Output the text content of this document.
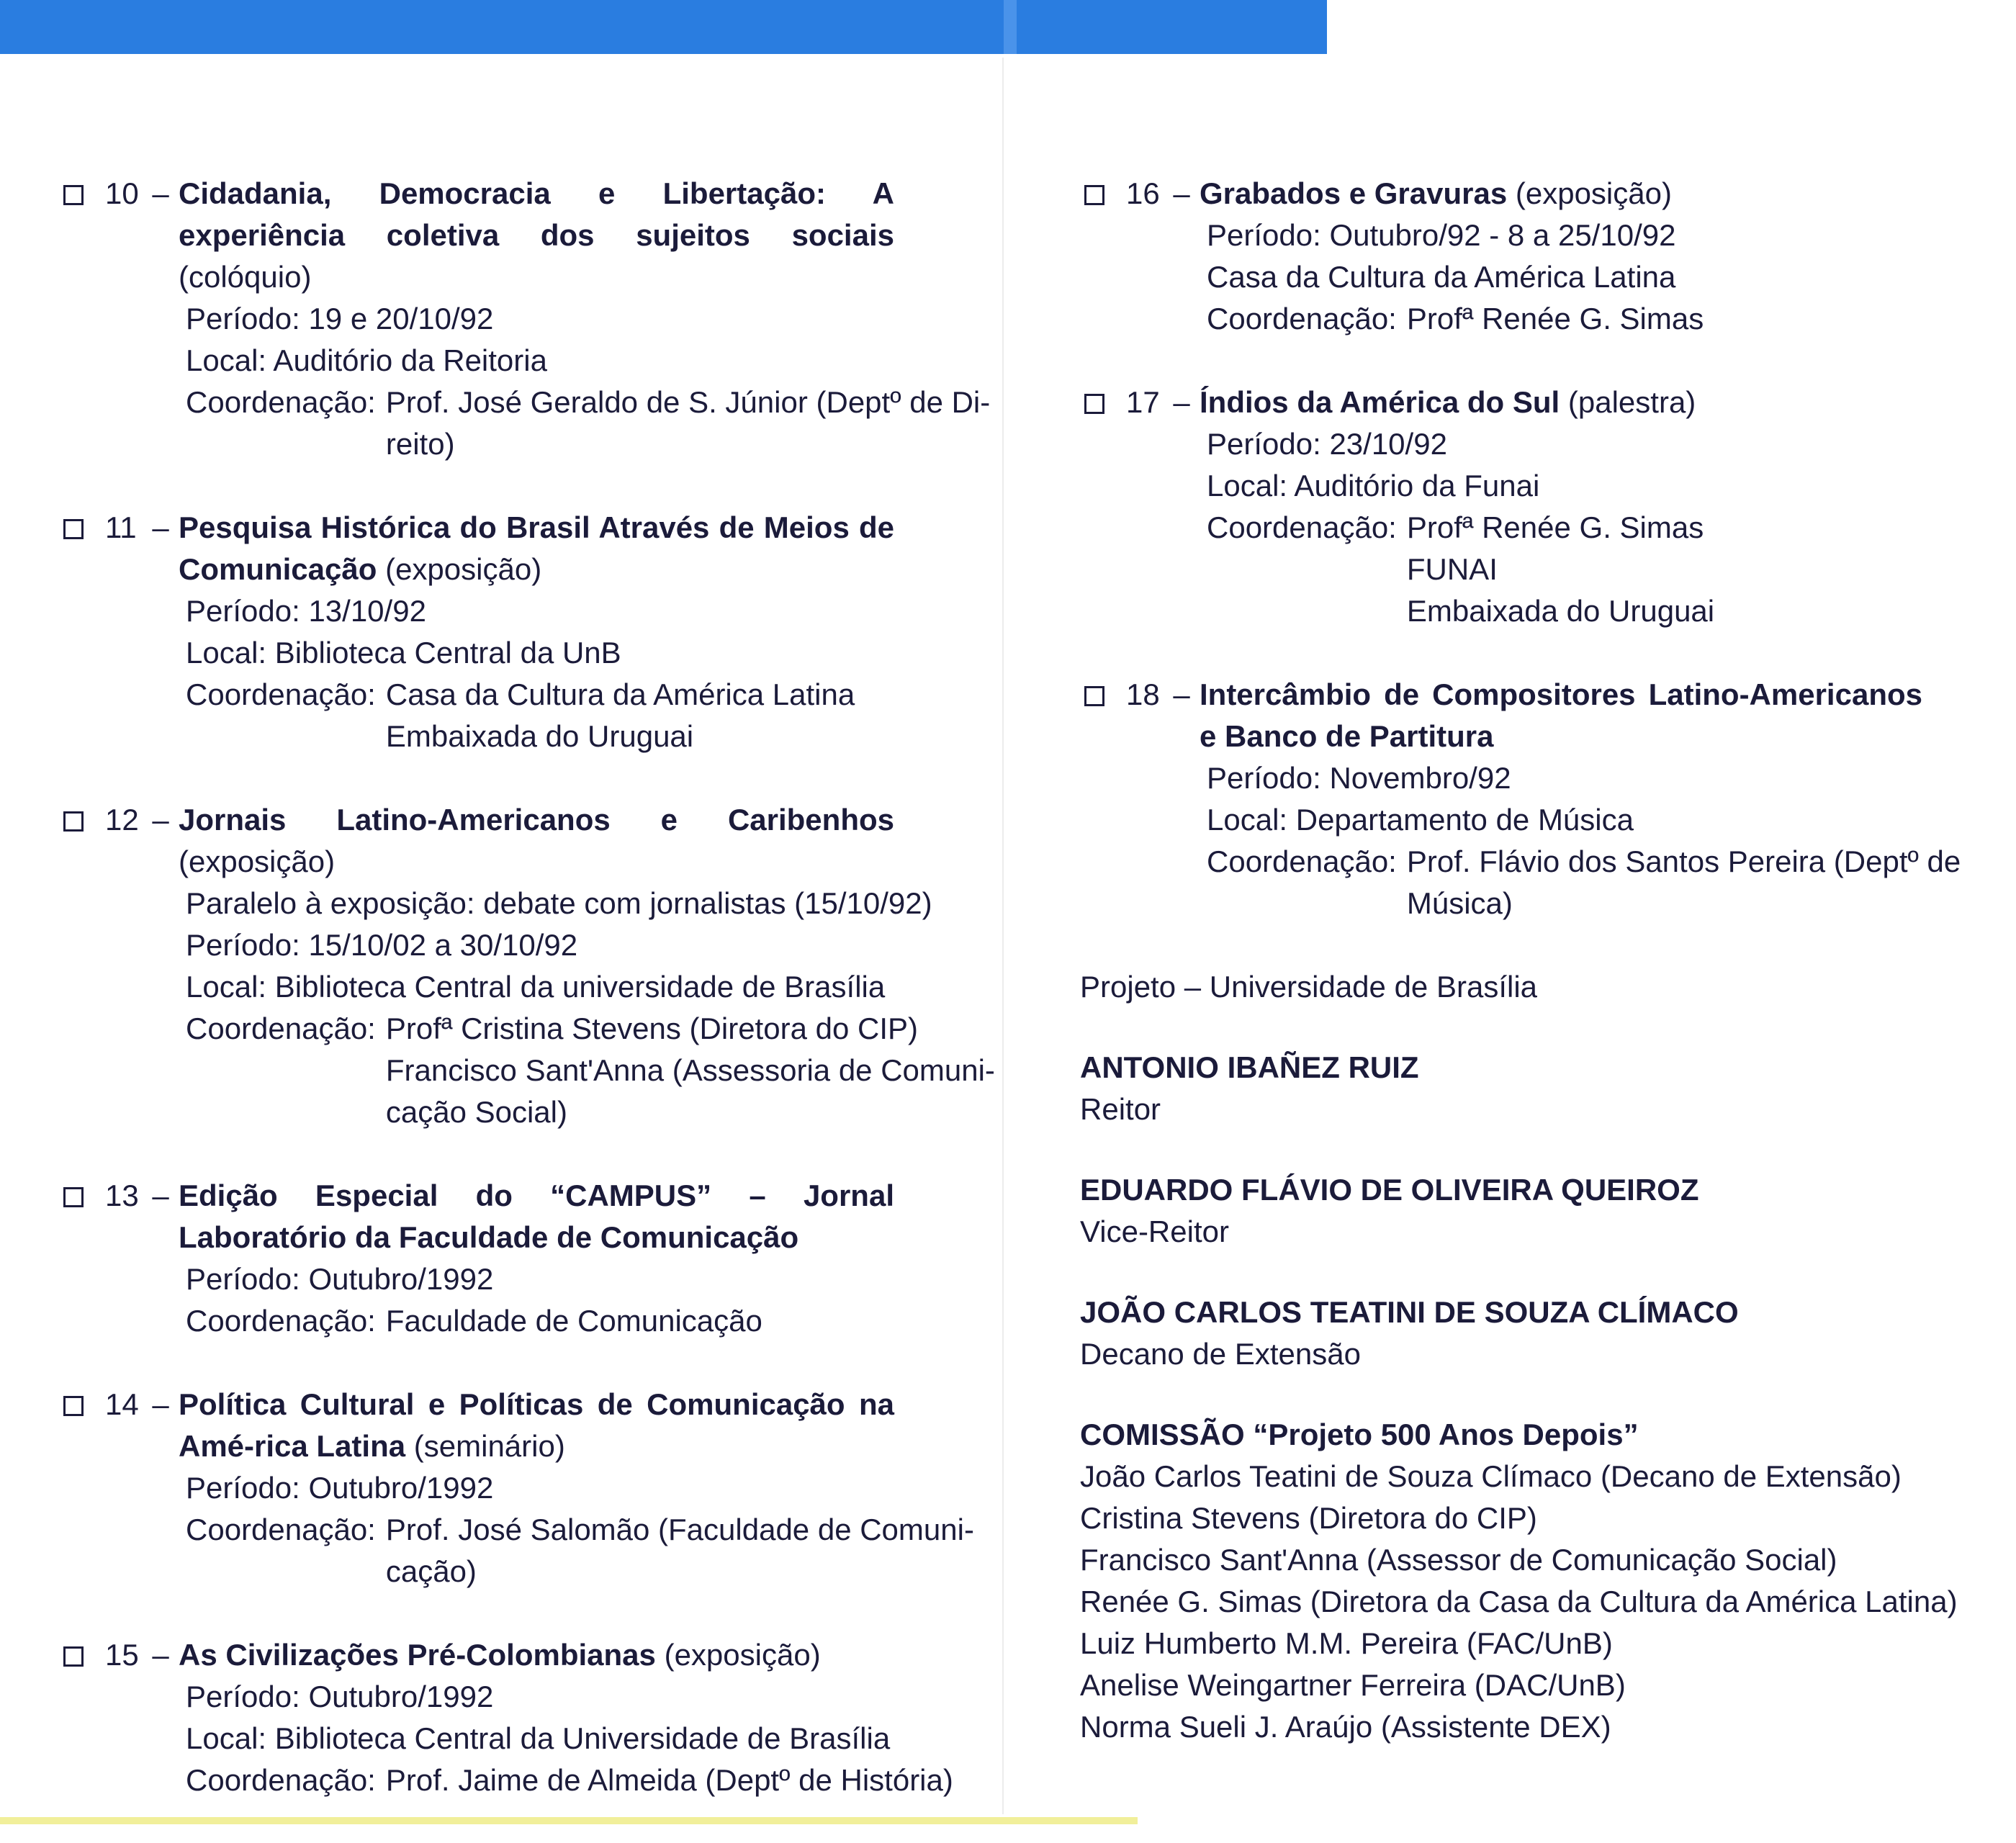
10 – Cidadania, Democracia e Libertação: A experiência coletiva dos sujeitos sociais (colóquio)
Período: 19 e 20/10/92
Local: Auditório da Reitoria
Coordenação: Prof. José Geraldo de S. Júnior (Deptº de Di-
reito)
11 – Pesquisa Histórica do Brasil Através de Meios de Comunicação (exposição)
Período: 13/10/92
Local: Biblioteca Central da UnB
Coordenação: Casa da Cultura da América Latina
Embaixada do Uruguai
12 – Jornais Latino-Americanos e Caribenhos (exposição)
Paralelo à exposição: debate com jornalistas (15/10/92)
Período: 15/10/02 a 30/10/92
Local: Biblioteca Central da universidade de Brasília
Coordenação: Profª Cristina Stevens (Diretora do CIP)
Francisco Sant'Anna (Assessoria de Comuni-
cação Social)
13 – Edição Especial do “CAMPUS” – Jornal Laboratório da Faculdade de Comunicação
Período: Outubro/1992
Coordenação: Faculdade de Comunicação
14 – Política Cultural e Políticas de Comunicação na Amé-rica Latina (seminário)
Período: Outubro/1992
Coordenação: Prof. José Salomão (Faculdade de Comuni-
cação)
15 – As Civilizações Pré-Colombianas (exposição)
Período: Outubro/1992
Local: Biblioteca Central da Universidade de Brasília
Coordenação: Prof. Jaime de Almeida (Deptº de História)
16 – Grabados e Gravuras (exposição)
Período: Outubro/92 - 8 a 25/10/92
Casa da Cultura da América Latina
Coordenação: Profª Renée G. Simas
17 – Índios da América do Sul (palestra)
Período: 23/10/92
Local: Auditório da Funai
Coordenação: Profª Renée G. Simas
FUNAI
Embaixada do Uruguai
18 – Intercâmbio de Compositores Latino-Americanos e Banco de Partitura
Período: Novembro/92
Local: Departamento de Música
Coordenação: Prof. Flávio dos Santos Pereira (Deptº de
Música)
Projeto – Universidade de Brasília
ANTONIO IBAÑEZ RUIZ
Reitor
EDUARDO FLÁVIO DE OLIVEIRA QUEIROZ
Vice-Reitor
JOÃO CARLOS TEATINI DE SOUZA CLÍMACO
Decano de Extensão
COMISSÃO “Projeto 500 Anos Depois”
João Carlos Teatini de Souza Clímaco (Decano de Extensão)
Cristina Stevens (Diretora do CIP)
Francisco Sant'Anna (Assessor de Comunicação Social)
Renée G. Simas (Diretora da Casa da Cultura da América Latina)
Luiz Humberto M.M. Pereira (FAC/UnB)
Anelise Weingartner Ferreira (DAC/UnB)
Norma Sueli J. Araújo (Assistente DEX)
